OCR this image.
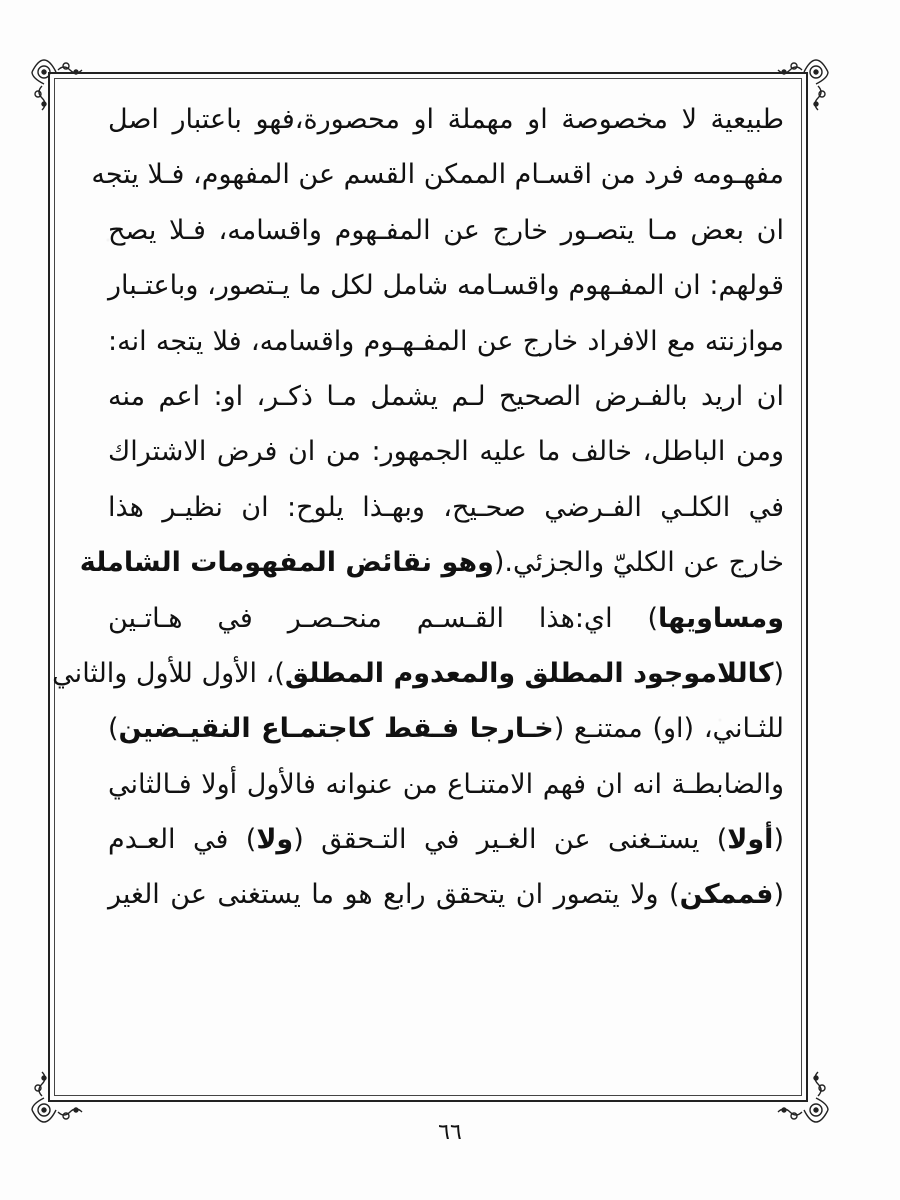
طبيعية لا مخصوصة او مهملة او محصورة،فهو باعتبار اصل
مفهـومه فرد من اقسـام الممكن القسم عن المفهوم، فـلا يتجه
ان بعض مـا يتصـور خارج عن المفـهوم واقسامه، فـلا يصح
قولهم: ان المفـهوم واقسـامه شامل لكل ما يـتصور، وباعتـبار
موازنته مع الافراد خارج عن المفـهـوم واقسامه، فلا يتجه انه:
ان اريد بالفـرض الصحيح لـم يشمل مـا ذكـر، او: اعم منه
ومن الباطل، خالف ما عليه الجمهور: من ان فرض الاشتراك
في الكلـي الفـرضي صحـيح، وبهـذا يلوح: ان نظيـر هذا
خارج عن الكليّ والجزئي.(وهو نقائض المفهومات الشاملة
ومساويها) اي:هذا القـسـم منحـصـر في هـاتـين
(كاللاموجود المطلق والمعدوم المطلق)، الأول للأول والثاني
للثـاني، (او) ممتنـع (خـارجا فـقط كاجتمـاع النقيـضين)
والضابطـة انه ان فهم الامتنـاع من عنوانه فالأول أولا فـالثاني
(أولا) يستـغنى عن الغـير في التـحقق (ولا) في العـدم
(فممكن) ولا يتصور ان يتحقق رابع هو ما يستغنى عن الغير
٦٦
